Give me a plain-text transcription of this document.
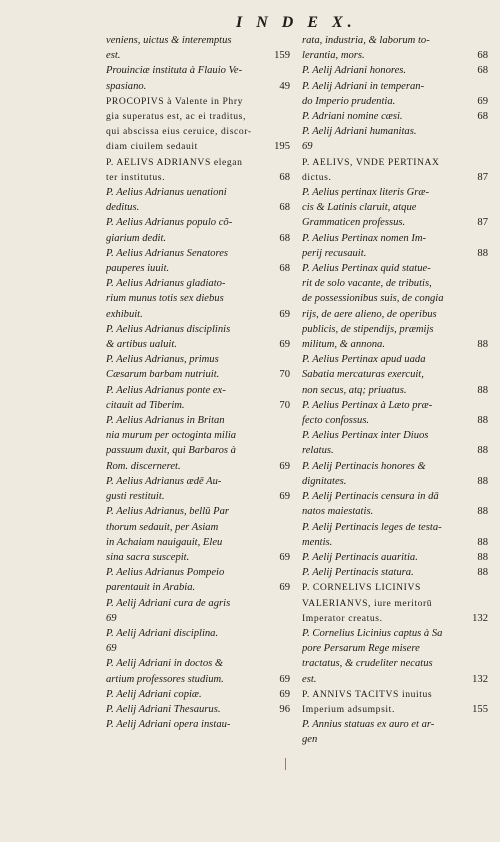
I N D E X.
veniens, uictus & interemptus
est.	159
Prouinciæ instituta à Flauio Ve-
spasiano.	49
PROCOPIVS à Valente in Phry
gia superatus est, ac ei traditus,
qui abscissa eius ceruice, discor-
diam ciuilem sedauit	195
P. AELIVS ADRIANVS elegan
ter institutus.	68
P. Aelius Adrianus uenationi
deditus.	68
P. Aelius Adrianus populo cõ-
giarium dedit.	68
P. Aelius Adrianus Senatores
pauperes iuuit.	68
P. Aelius Adrianus gladiato-
rium munus totis sex diebus
exhibuit.	69
P. Aelius Adrianus disciplinis
& artibus ualuit.	69
P. Aelius Adrianus, primus
Cæsarum barbam nutriuit.	70
P. Aelius Adrianus ponte ex-
citauit ad Tiberim.	70
P. Aelius Adrianus in Britan
nia murum per octoginta milia
passuum duxit, qui Barbaros à
Rom. discerneret.	69
P. Aelius Adrianus ædē Au-
gusti restituit.	69
P. Aelius Adrianus, bellū Par
thorum sedauit, per Asiam
in Achaiam nauigauit, Eleu
sina sacra suscepit.	69
P. Aelius Adrianus Pompeio
parentauit in Arabia.	69
P. Aelij Adriani cura de agris
69
P. Aelij Adriani disciplina.
69
P. Aelij Adriani in doctos &
artium professores studium.	69
P. Aelij Adriani copiæ.	69
P. Aelij Adriani Thesaurus.	96
P. Aelij Adriani opera instau-
rata, industria, & laborum to-
lerantia, mors.	68
P. Aelij Adriani honores.	68
P. Aelij Adriani in temperan-
do Imperio prudentia.	69
P. Adriani nomine cæsi.	68
P. Aelij Adriani humanitas.
69
P. AELIVS, VNDE PERTINAX
dictus.	87
P. Aelius pertinax literis Græ-
cis & Latinis claruit, atque
Grammaticen professus.	87
P. Aelius Pertinax nomen Im-
perij recusauit.	88
P. Aelius Pertinax quid statue-
rit de solo vacante, de tributis,
de possessionibus suis, de congia
rijs, de aere alieno, de operibus
publicis, de stipendijs, præmijs
militum, & annona.	88
P. Aelius Pertinax apud uada
Sabatia mercaturas exercuit,
non secus, atq; priuatus.	88
P. Aelius Pertinax à Læto præ-
fecto confossus.	88
P. Aelius Pertinax inter Diuos
relatus.	88
P. Aelij Pertinacis honores &
dignitates.	88
P. Aelij Pertinacis censura in dā
natos maiestatis.	88
P. Aelij Pertinacis leges de testa-
mentis.	88
P. Aelij Pertinacis auaritia.	88
P. Aelij Pertinacis statura.	88
P. CORNELIVS LICINIVS
VALERIANVS, iure meritorū
Imperator creatus.	132
P. Cornelius Licinius captus à Sa
pore Persarum Rege misere
tractatus, & crudeliter necatus
est.	132
P. ANNIVS TACITVS inuitus
Imperium adsumpsit.	155
P. Annius statuas ex auro et ar-
gen
